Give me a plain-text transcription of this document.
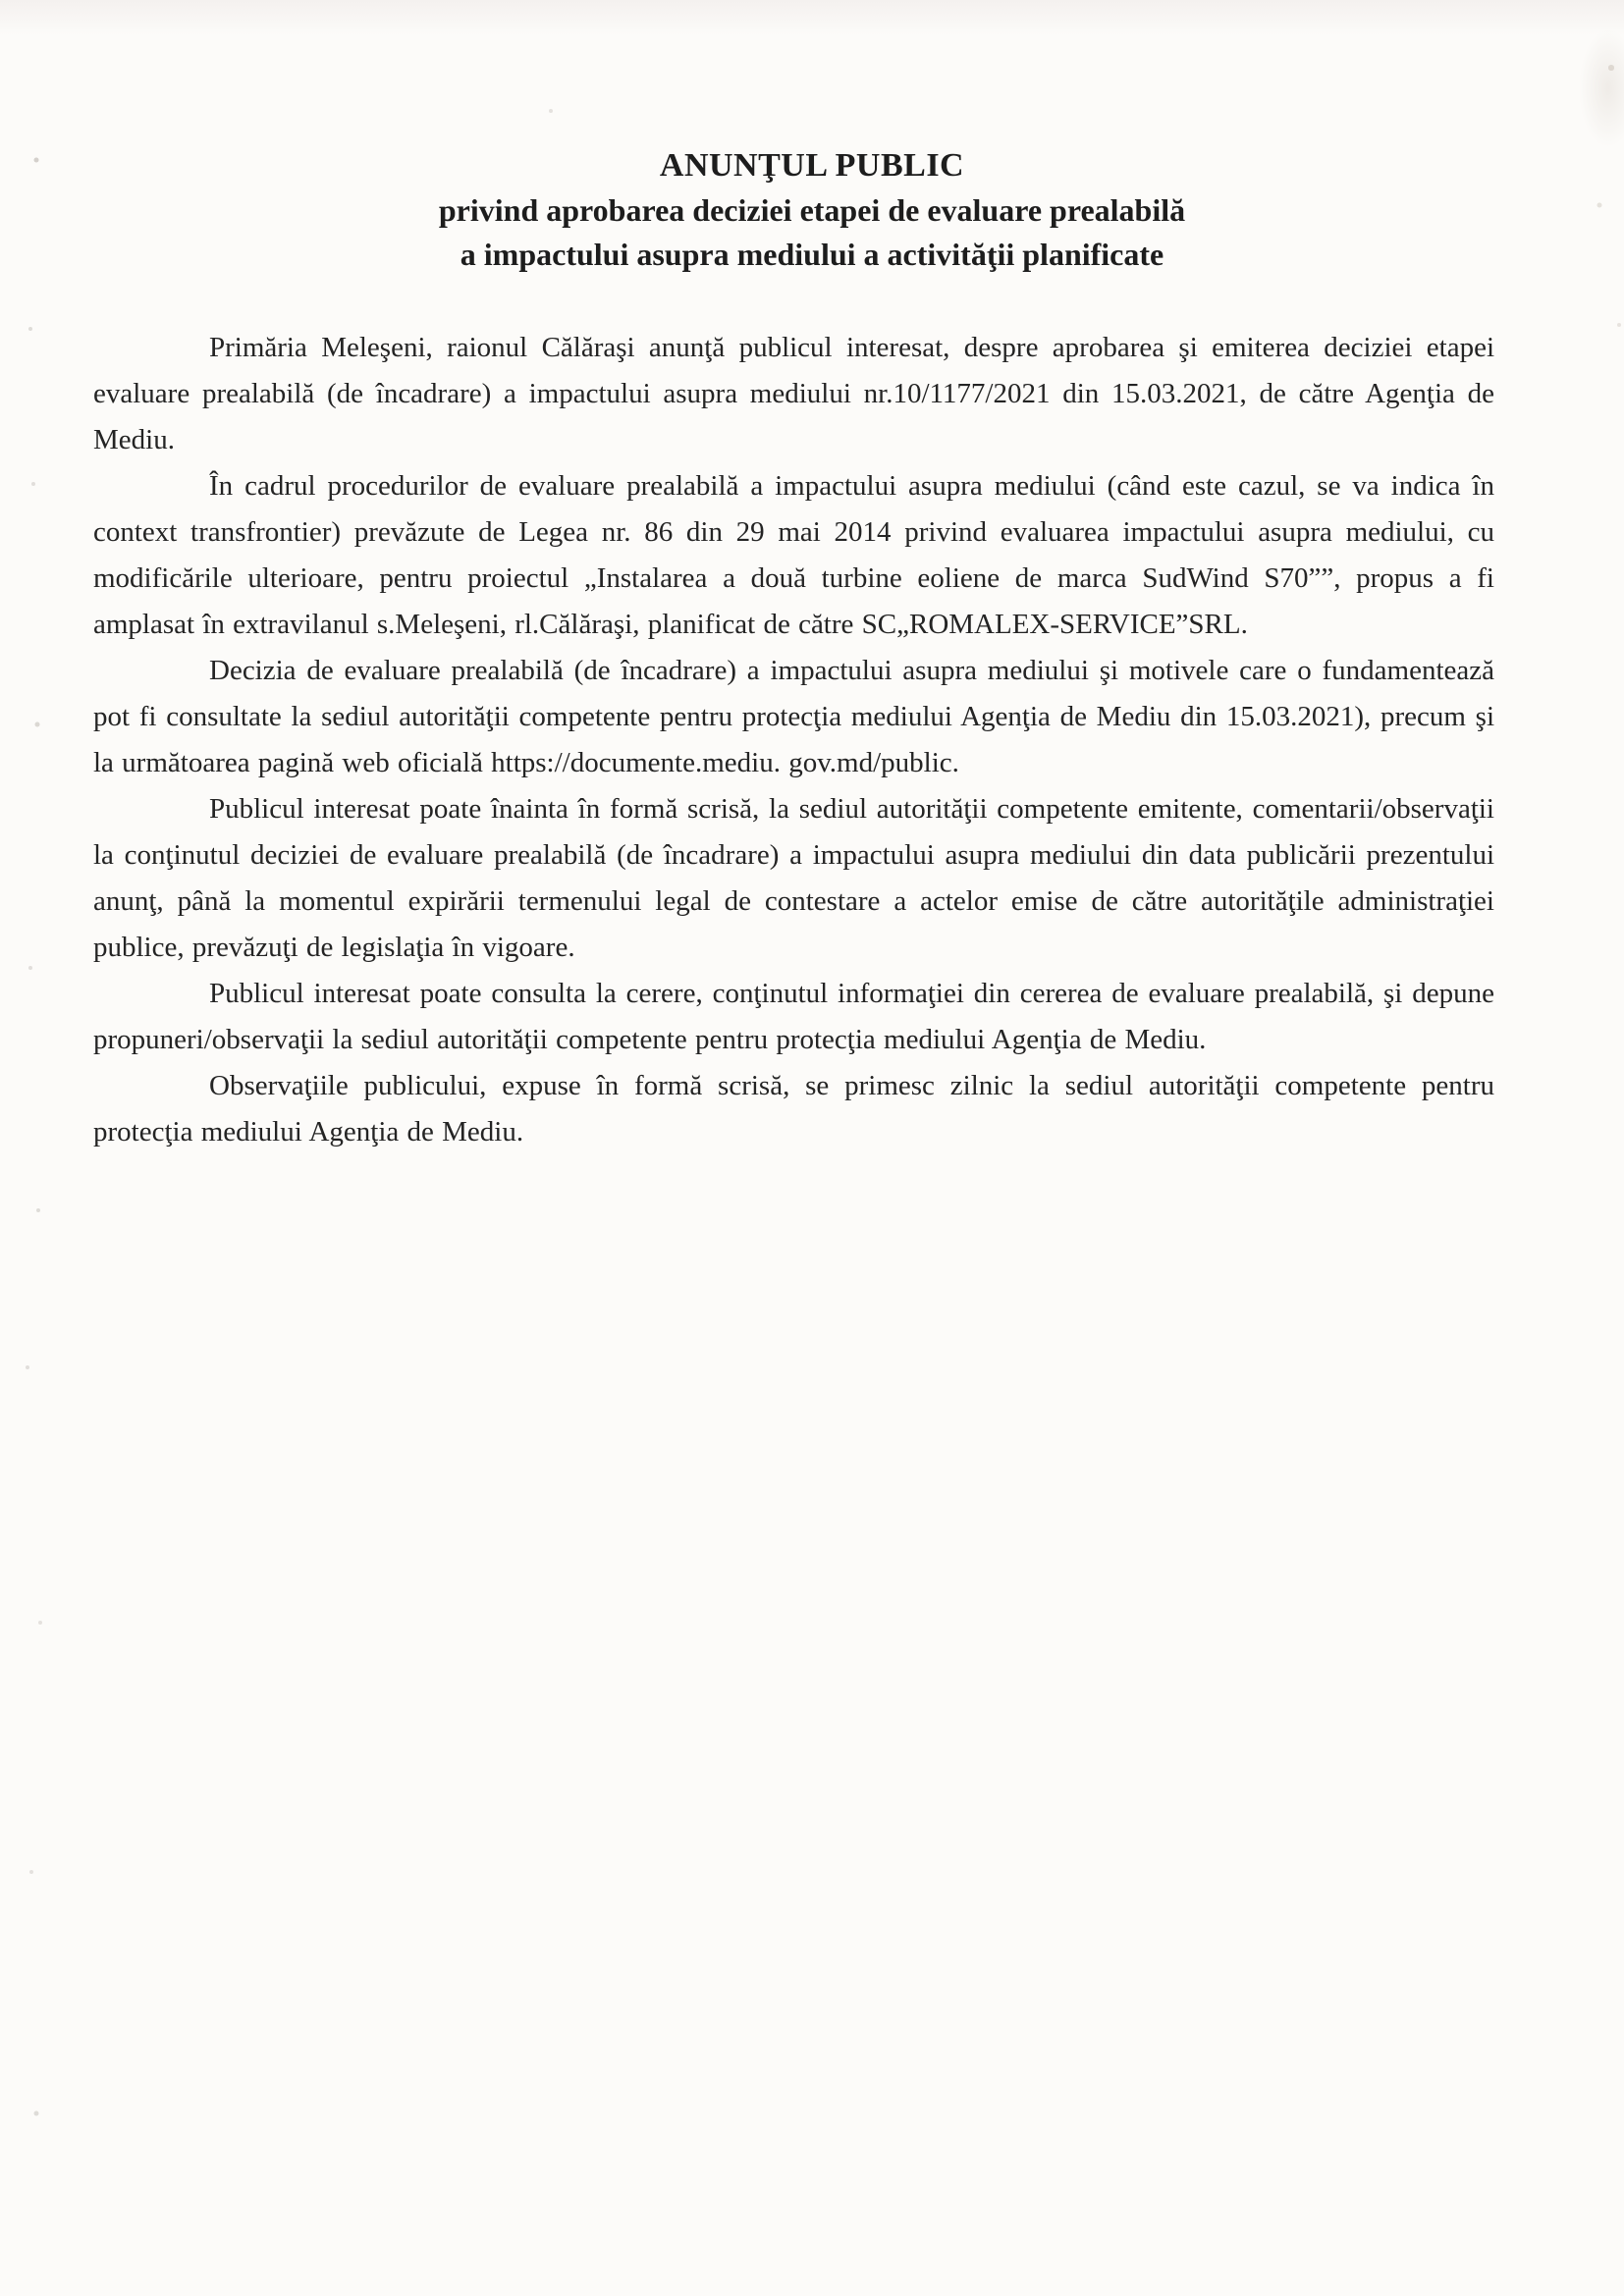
ANUNŢUL PUBLIC
privind aprobarea deciziei etapei de evaluare prealabilă
a impactului asupra mediului a activităţii planificate

Primăria Meleşeni, raionul Călăraşi anunţă publicul interesat, despre aprobarea şi emiterea deciziei etapei evaluare prealabilă (de încadrare) a impactului asupra mediului nr.10/1177/2021 din 15.03.2021, de către Agenţia de Mediu.

În cadrul procedurilor de evaluare prealabilă a impactului asupra mediului (când este cazul, se va indica în context transfrontier) prevăzute de Legea nr. 86 din 29 mai 2014 privind evaluarea impactului asupra mediului, cu modificările ulterioare, pentru proiectul „Instalarea a două turbine eoliene de marca SudWind S70””, propus a fi amplasat în extravilanul s.Meleşeni, rl.Călăraşi, planificat de către SC„ROMALEX-SERVICE”SRL.

Decizia de evaluare prealabilă (de încadrare) a impactului asupra mediului şi motivele care o fundamentează pot fi consultate la sediul autorităţii competente pentru protecţia mediului Agenţia de Mediu din 15.03.2021), precum şi la următoarea pagină web oficială https://documente.mediu. gov.md/public.

Publicul interesat poate înainta în formă scrisă, la sediul autorităţii competente emitente, comentarii/observaţii la conţinutul deciziei de evaluare prealabilă (de încadrare) a impactului asupra mediului din data publicării prezentului anunţ, până la momentul expirării termenului legal de contestare a actelor emise de către autorităţile administraţiei publice, prevăzuţi de legislaţia în vigoare.

Publicul interesat poate consulta la cerere, conţinutul informaţiei din cererea de evaluare prealabilă, şi depune propuneri/observaţii la sediul autorităţii competente pentru protecţia mediului Agenţia de Mediu.

Observaţiile publicului, expuse în formă scrisă, se primesc zilnic la sediul autorităţii competente pentru protecţia mediului Agenţia de Mediu.
